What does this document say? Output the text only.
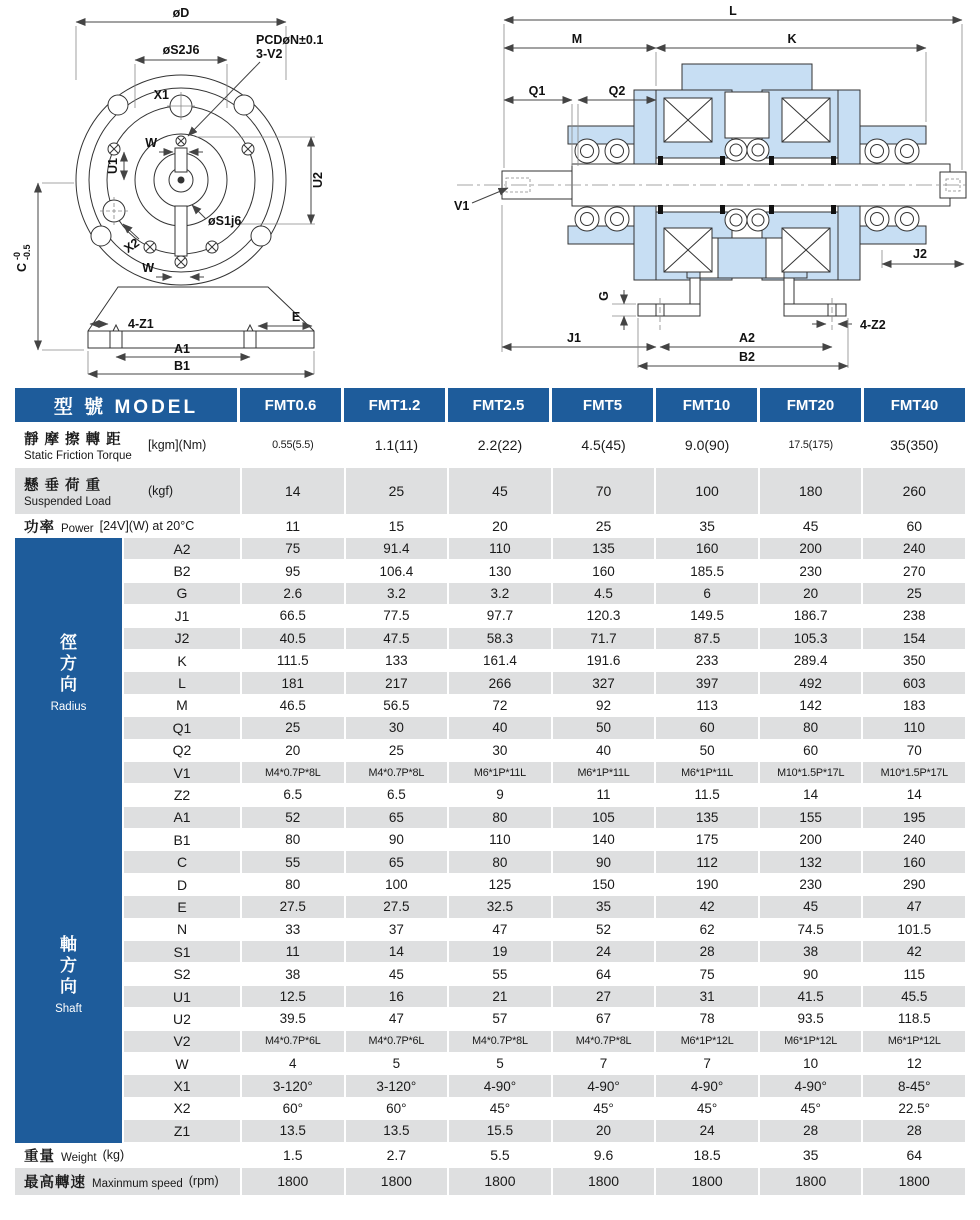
øD
øS2J6
PCDøN±0.1
3-V2
X1
W
U1
U2
øS1j6
X2
C
-0 -0.5
W
4-Z1	E
A1
B1
L
M	K
Q1	Q2
V1
G
J2
4-Z2
J1	A2
B2
型 號 MODEL	FMT0.6	FMT1.2	FMT2.5	FMT5	FMT10	FMT20	FMT40
靜 摩 擦 轉 距
Static Friction Torque
[kgm](Nm)	0.55(5.5)	1.1(11)	2.2(22)	4.5(45)	9.0(90)	17.5(175)	35(350)
懸 垂 荷 重
Suspended Load
(kgf)	14	25	45	70	100	180	260
功率 Power [24V](W) at 20°C	11	15	20	25	35	45	60
徑
方
向
Radius
A2	75	91.4	110	135	160	200	240
B2	95	106.4	130	160	185.5	230	270
G	2.6	3.2	3.2	4.5	6	20	25
J1	66.5	77.5	97.7	120.3	149.5	186.7	238
J2	40.5	47.5	58.3	71.7	87.5	105.3	154
K	111.5	133	161.4	191.6	233	289.4	350
L	181	217	266	327	397	492	603
M	46.5	56.5	72	92	113	142	183
Q1	25	30	40	50	60	80	110
Q2	20	25	30	40	50	60	70
V1	M4*0.7P*8L	M4*0.7P*8L	M6*1P*11L	M6*1P*11L	M6*1P*11L	M10*1.5P*17L	M10*1.5P*17L
Z2	6.5	6.5	9	11	11.5	14	14
軸
方
向
Shaft
A1	52	65	80	105	135	155	195
B1	80	90	110	140	175	200	240
C	55	65	80	90	112	132	160
D	80	100	125	150	190	230	290
E	27.5	27.5	32.5	35	42	45	47
N	33	37	47	52	62	74.5	101.5
S1	11	14	19	24	28	38	42
S2	38	45	55	64	75	90	115
U1	12.5	16	21	27	31	41.5	45.5
U2	39.5	47	57	67	78	93.5	118.5
V2	M4*0.7P*6L	M4*0.7P*6L	M4*0.7P*8L	M4*0.7P*8L	M6*1P*12L	M6*1P*12L	M6*1P*12L
W	4	5	5	7	7	10	12
X1	3-120°	3-120°	4-90°	4-90°	4-90°	4-90°	8-45°
X2	60°	60°	45°	45°	45°	45°	22.5°
Z1	13.5	13.5	15.5	20	24	28	28
重量 Weight (kg)	1.5	2.7	5.5	9.6	18.5	35	64
最高轉速 Maxinmum speed (rpm)	1800	1800	1800	1800	1800	1800	1800
